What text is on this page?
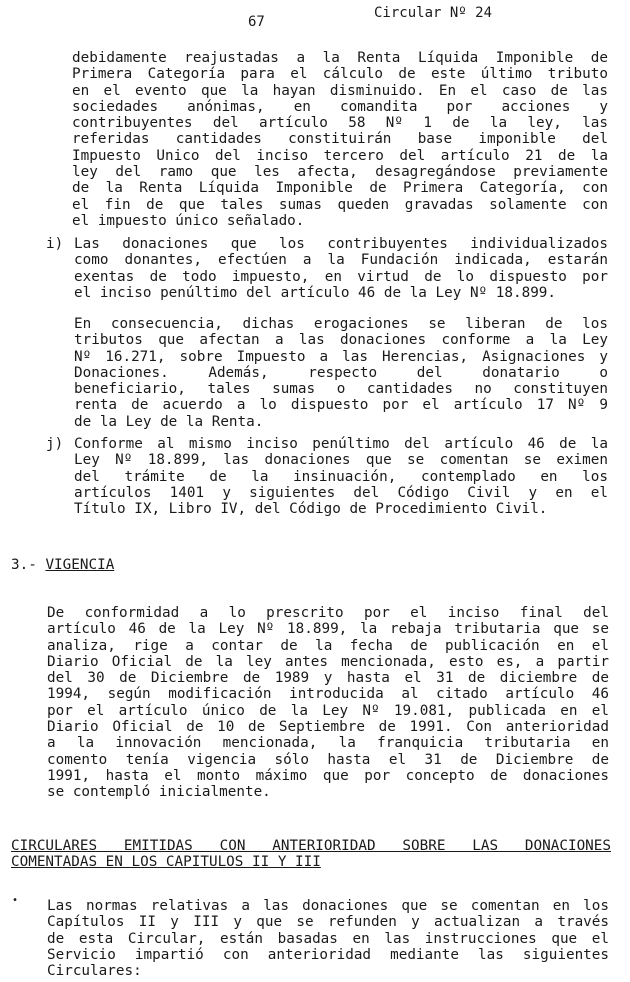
67
Circular Nº 24
debidamente reajustadas a la Renta Líquida Imponible de
Primera Categoría para el cálculo de este último tributo
en el evento que la hayan disminuido. En el caso de las
sociedades anónimas, en comandita por acciones y
contribuyentes del artículo 58 Nº 1 de la ley, las
referidas cantidades constituirán base imponible del
Impuesto Unico del inciso tercero del artículo 21 de la
ley del ramo que les afecta, desagregándose previamente
de la Renta Líquida Imponible de Primera Categoría, con
el fin de que tales sumas queden gravadas solamente con
el impuesto único señalado.
i) Las donaciones que los contribuyentes individualizados
como donantes, efectúen a la Fundación indicada, estarán
exentas de todo impuesto, en virtud de lo dispuesto por
el inciso penúltimo del artículo 46 de la Ley Nº 18.899.
En consecuencia, dichas erogaciones se liberan de los
tributos que afectan a las donaciones conforme a la Ley
Nº 16.271, sobre Impuesto a las Herencias, Asignaciones y
Donaciones. Además, respecto del donatario o
beneficiario, tales sumas o cantidades no constituyen
renta de acuerdo a lo dispuesto por el artículo 17 Nº 9
de la Ley de la Renta.
j) Conforme al mismo inciso penúltimo del artículo 46 de la
Ley Nº 18.899, las donaciones que se comentan se eximen
del trámite de la insinuación, contemplado en los
artículos 1401 y siguientes del Código Civil y en el
Título IX, Libro IV, del Código de Procedimiento Civil.
3.- VIGENCIA
De conformidad a lo prescrito por el inciso final del
artículo 46 de la Ley Nº 18.899, la rebaja tributaria que se
analiza, rige a contar de la fecha de publicación en el
Diario Oficial de la ley antes mencionada, esto es, a partir
del 30 de Diciembre de 1989 y hasta el 31 de diciembre de
1994, según modificación introducida al citado artículo 46
por el artículo único de la Ley Nº 19.081, publicada en el
Diario Oficial de 10 de Septiembre de 1991. Con anterioridad
a la innovación mencionada, la franquicia tributaria en
comento tenía vigencia sólo hasta el 31 de Diciembre de
1991, hasta el monto máximo que por concepto de donaciones
se contempló inicialmente.
CIRCULARES EMITIDAS CON ANTERIORIDAD SOBRE LAS DONACIONES
COMENTADAS EN LOS CAPITULOS II Y III
• Las normas relativas a las donaciones que se comentan en los
Capítulos II y III y que se refunden y actualizan a través
de esta Circular, están basadas en las instrucciones que el
Servicio impartió con anterioridad mediante las siguientes
Circulares:
